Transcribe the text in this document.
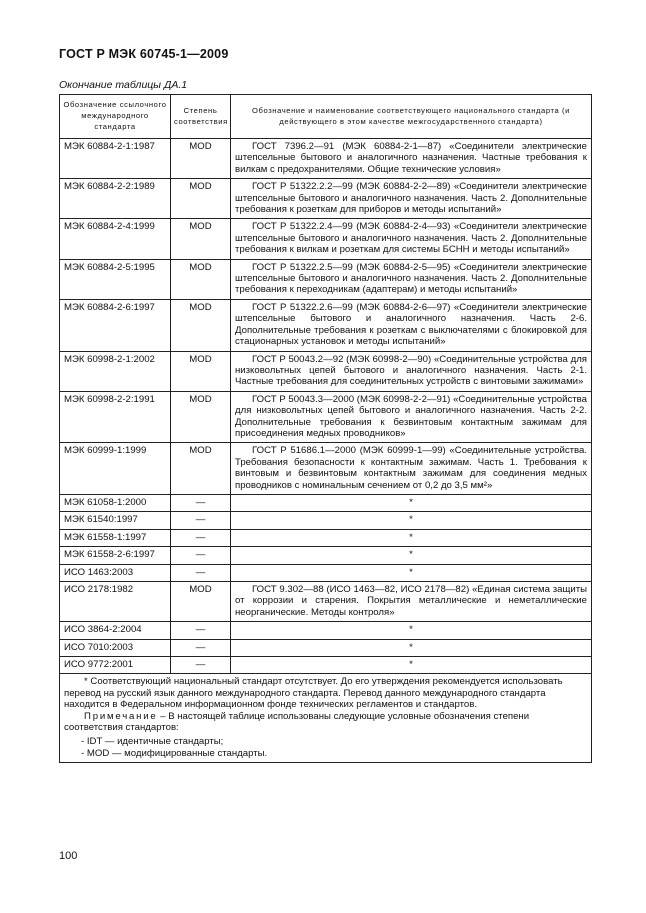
ГОСТ Р МЭК 60745-1—2009
Окончание таблицы ДА.1
Обозначение ссылочного международного стандарта	Степень соответствия	Обозначение и наименование соответствующего национального стандарта (и действующего в этом качестве межгосударственного стандарта)
МЭК 60884-2-1:1987	MOD	ГОСТ 7396.2—91 (МЭК 60884-2-1—87) «Соединители электрические штепсельные бытового и аналогичного назначения. Частные требования к вилкам с предохранителями. Общие технические условия»

МЭК 60884-2-2:1989	MOD	ГОСТ Р 51322.2.2—99 (МЭК 60884-2-2—89) «Соединители электрические штепсельные бытового и аналогичного назначения. Часть 2. Дополнительные требования к розеткам для приборов и методы испытаний»

МЭК 60884-2-4:1999	MOD	ГОСТ Р 51322.2.4—99 (МЭК 60884-2-4—93) «Соединители электрические штепсельные бытового и аналогичного назначения. Часть 2. Дополнительные требования к вилкам и розеткам для системы БСНН и методы испытаний»

МЭК 60884-2-5:1995	MOD	ГОСТ Р 51322.2.5—99 (МЭК 60884-2-5—95) «Соединители электрические штепсельные бытового и аналогичного назначения. Часть 2. Дополнительные требования к переходникам (адаптерам) и методы испытаний»

МЭК 60884-2-6:1997	MOD	ГОСТ Р 51322.2.6—99 (МЭК 60884-2-6—97) «Соединители электрические штепсельные бытового и аналогичного назначения. Часть 2-6. Дополнительные требования к розеткам с выключателями с блокировкой для стационарных установок и методы испытаний»

МЭК 60998-2-1:2002	MOD	ГОСТ Р 50043.2—92 (МЭК 60998-2—90) «Соединительные устройства для низковольтных цепей бытового и аналогичного назначения. Часть 2-1. Частные требования для соединительных устройств с винтовыми зажимами»

МЭК 60998-2-2:1991	MOD	ГОСТ Р 50043.3—2000 (МЭК 60998-2-2—91) «Соединительные устройства для низковольтных цепей бытового и аналогичного назначения. Часть 2-2. Дополнительные требования к безвинтовым контактным зажимам для присоединения медных проводников»

МЭК 60999-1:1999	MOD	ГОСТ Р 51686.1—2000 (МЭК 60999-1—99) «Соединительные устройства. Требования безопасности к контактным зажимам. Часть 1. Требования к винтовым и безвинтовым контактным зажимам для соединения медных проводников с номинальным сечением от 0,2 до 3,5 мм²»

МЭК 61058-1:2000	—	*
МЭК 61540:1997	—	*
МЭК 61558-1:1997	—	*
МЭК 61558-2-6:1997	—	*
ИСО 1463:2003	—	*
ИСО 2178:1982	MOD	ГОСТ 9.302—88 (ИСО 1463—82, ИСО 2178—82) «Единая система защиты от коррозии и старения. Покрытия металлические и неметаллические неорганические. Методы контроля»

ИСО 3864-2:2004	—	*
ИСО 7010:2003	—	*
ИСО 9772:2001	—	*

* Соответствующий национальный стандарт отсутствует. До его утверждения рекомендуется использовать перевод на русский язык данного международного стандарта. Перевод данного международного стандарта находится в Федеральном информационном фонде технических регламентов и стандартов.

Примечание – В настоящей таблице использованы следующие условные обозначения степени соответствия стандартов:

- IDT — идентичные стандарты;
- MOD — модифицированные стандарты.		
100
